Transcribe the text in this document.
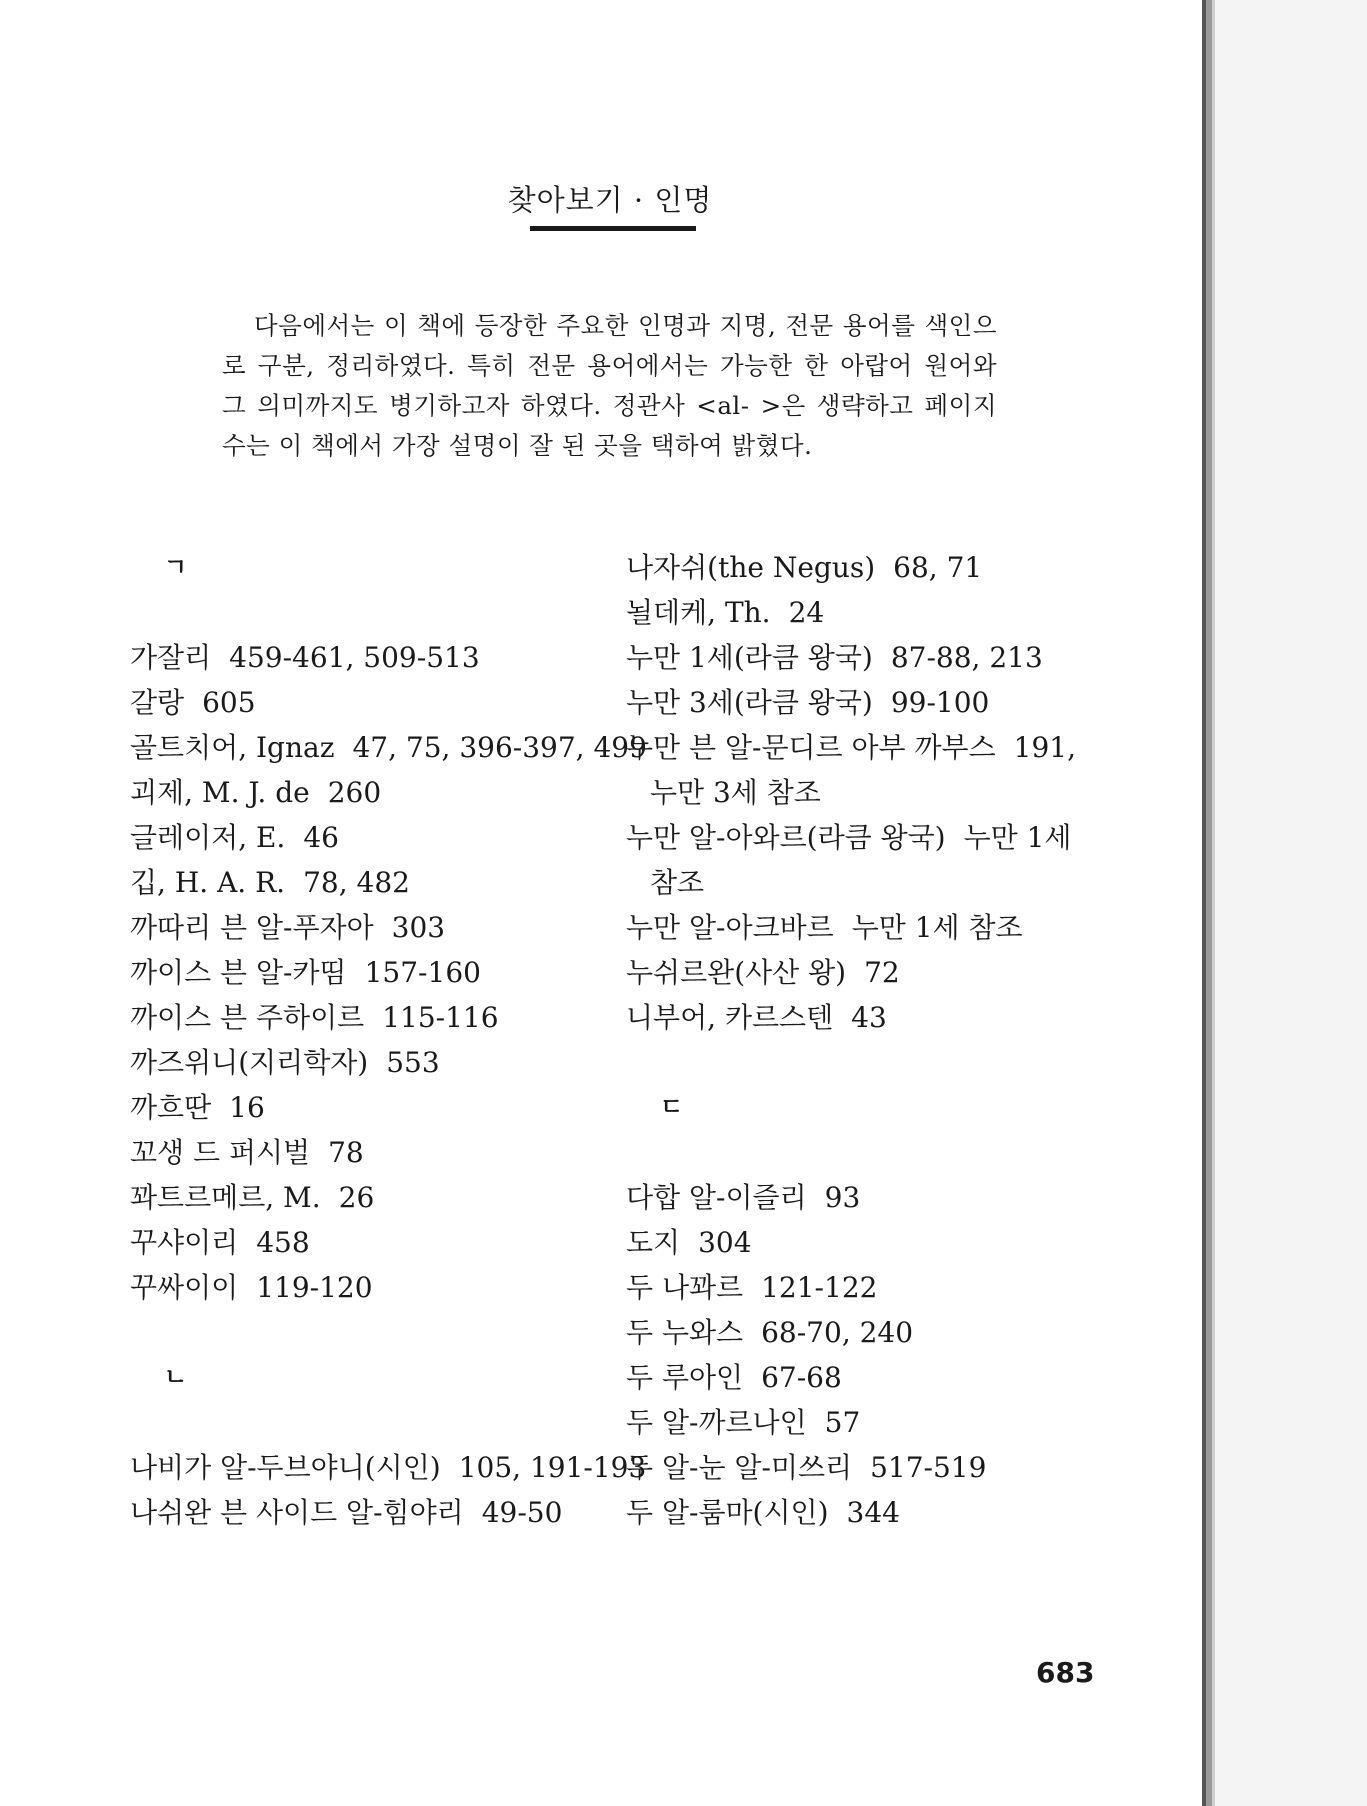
찾아보기 · 인명
다음에서는 이 책에 등장한 주요한 인명과 지명, 전문 용어를 색인으로 구분, 정리하였다. 특히 전문 용어에서는 가능한 한 아랍어 원어와 그 의미까지도 병기하고자 하였다. 정관사 <al- >은 생략하고 페이지 수는 이 책에서 가장 설명이 잘 된 곳을 택하여 밝혔다.
ㄱ
가잘리 459-461, 509-513
갈랑 605
골트치어, Ignaz 47, 75, 396-397, 499
괴제, M. J. de 260
글레이저, E. 46
깁, H. A. R. 78, 482
까따리 븐 알-푸자아 303
까이스 븐 알-카띰 157-160
까이스 븐 주하이르 115-116
까즈위니(지리학자) 553
까흐딴 16
꼬생 드 퍼시벌 78
꽈트르메르, M. 26
꾸샤이리 458
꾸싸이이 119-120
ㄴ
나비가 알-두브야니(시인) 105, 191-193
나쉬완 븐 사이드 알-힘야리 49-50
나자쉬(the Negus) 68, 71
뇔데케, Th. 24
누만 1세(라큼 왕국) 87-88, 213
누만 3세(라큼 왕국) 99-100
누만 븐 알-문디르 아부 까부스 191,
누만 3세 참조
누만 알-아와르(라큼 왕국) 누만 1세
참조
누만 알-아크바르 누만 1세 참조
누쉬르완(사산 왕) 72
니부어, 카르스텐 43
ㄷ
다합 알-이즐리 93
도지 304
두 나꽈르 121-122
두 누와스 68-70, 240
두 루아인 67-68
두 알-까르나인 57
두 알-눈 알-미쓰리 517-519
두 알-룸마(시인) 344
683
